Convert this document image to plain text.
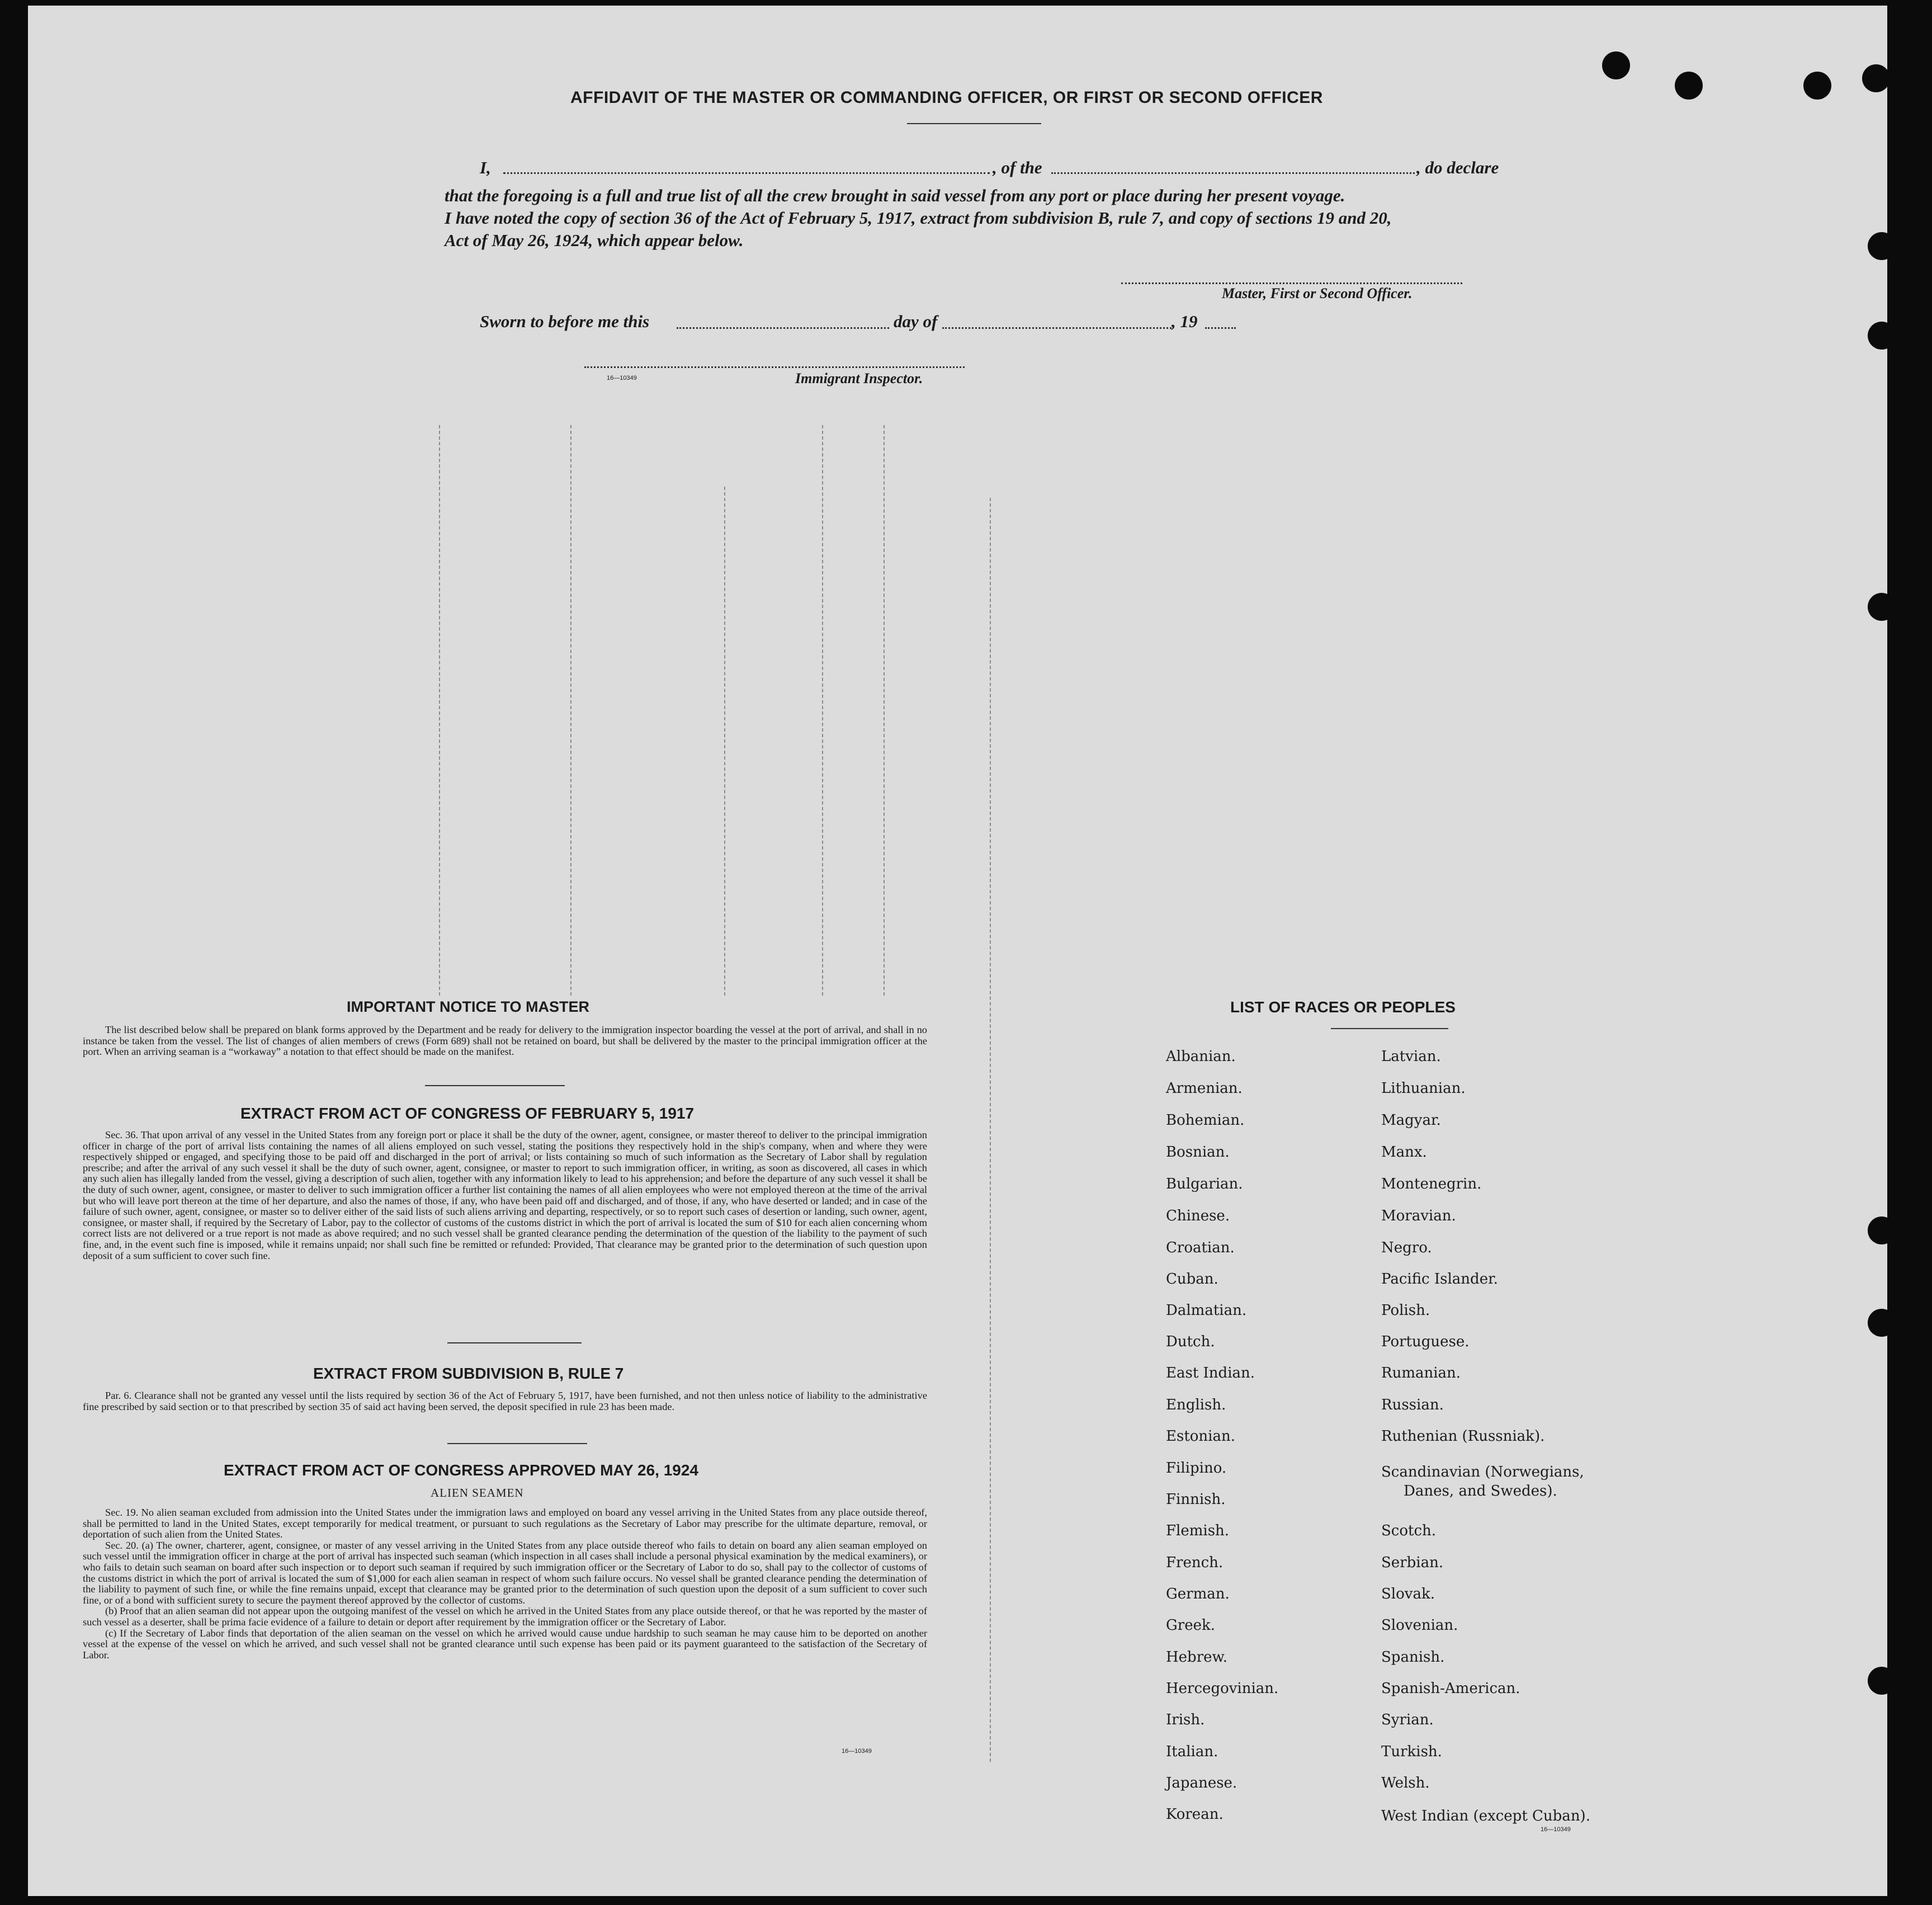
AFFIDAVIT OF THE MASTER OR COMMANDING OFFICER, OR FIRST OR SECOND OFFICER
I,	, of the	, do declare
that the foregoing is a full and true list of all the crew brought in said vessel from any port or place during her present voyage.
I have noted the copy of section 36 of the Act of February 5, 1917, extract from subdivision B, rule 7, and copy of sections 19 and 20,
Act of May 26, 1924, which appear below.
Master, First or Second Officer.
Sworn to before me this	day of	, 19
16—10349	Immigrant Inspector.
IMPORTANT NOTICE TO MASTER

The list described below shall be prepared on blank forms approved by the Department and be ready for delivery to the immigration inspector boarding the vessel at the port of arrival, and shall in no instance be taken from the vessel. The list of changes of alien members of crews (Form 689) shall not be retained on board, but shall be delivered by the master to the principal immigration officer at the port. When an arriving seaman is a “workaway” a notation to that effect should be made on the manifest.

EXTRACT FROM ACT OF CONGRESS OF FEBRUARY 5, 1917

Sec. 36. That upon arrival of any vessel in the United States from any foreign port or place it shall be the duty of the owner, agent, consignee, or master thereof to deliver to the principal immigration officer in charge of the port of arrival lists containing the names of all aliens employed on such vessel, stating the positions they respectively hold in the ship's company, when and where they were respectively shipped or engaged, and specifying those to be paid off and discharged in the port of arrival; or lists containing so much of such information as the Secretary of Labor shall by regulation prescribe; and after the arrival of any such vessel it shall be the duty of such owner, agent, consignee, or master to report to such immigration officer, in writing, as soon as discovered, all cases in which any such alien has illegally landed from the vessel, giving a description of such alien, together with any information likely to lead to his apprehension; and before the departure of any such vessel it shall be the duty of such owner, agent, consignee, or master to deliver to such immigration officer a further list containing the names of all alien employees who were not employed thereon at the time of the arrival but who will leave port thereon at the time of her departure, and also the names of those, if any, who have been paid off and discharged, and of those, if any, who have deserted or landed; and in case of the failure of such owner, agent, consignee, or master so to deliver either of the said lists of such aliens arriving and departing, respectively, or so to report such cases of desertion or landing, such owner, agent, consignee, or master shall, if required by the Secretary of Labor, pay to the collector of customs of the customs district in which the port of arrival is located the sum of $10 for each alien concerning whom correct lists are not delivered or a true report is not made as above required; and no such vessel shall be granted clearance pending the determination of the question of the liability to the payment of such fine, and, in the event such fine is imposed, while it remains unpaid; nor shall such fine be remitted or refunded: Provided, That clearance may be granted prior to the determination of such question upon deposit of a sum sufficient to cover such fine.

EXTRACT FROM SUBDIVISION B, RULE 7

Par. 6. Clearance shall not be granted any vessel until the lists required by section 36 of the Act of February 5, 1917, have been furnished, and not then unless notice of liability to the administrative fine prescribed by said section or to that prescribed by section 35 of said act having been served, the deposit specified in rule 23 has been made.

EXTRACT FROM ACT OF CONGRESS APPROVED MAY 26, 1924
ALIEN SEAMEN

Sec. 19. No alien seaman excluded from admission into the United States under the immigration laws and employed on board any vessel arriving in the United States from any place outside thereof, shall be permitted to land in the United States, except temporarily for medical treatment, or pursuant to such regulations as the Secretary of Labor may prescribe for the ultimate departure, removal, or deportation of such alien from the United States.

Sec. 20. (a) The owner, charterer, agent, consignee, or master of any vessel arriving in the United States from any place outside thereof who fails to detain on board any alien seaman employed on such vessel until the immigration officer in charge at the port of arrival has inspected such seaman (which inspection in all cases shall include a personal physical examination by the medical examiners), or who fails to detain such seaman on board after such inspection or to deport such seaman if required by such immigration officer or the Secretary of Labor to do so, shall pay to the collector of customs of the customs district in which the port of arrival is located the sum of $1,000 for each alien seaman in respect of whom such failure occurs. No vessel shall be granted clearance pending the determination of the liability to payment of such fine, or while the fine remains unpaid, except that clearance may be granted prior to the determination of such question upon the deposit of a sum sufficient to cover such fine, or of a bond with sufficient surety to secure the payment thereof approved by the collector of customs.

(b) Proof that an alien seaman did not appear upon the outgoing manifest of the vessel on which he arrived in the United States from any place outside thereof, or that he was reported by the master of such vessel as a deserter, shall be prima facie evidence of a failure to detain or deport after requirement by the immigration officer or the Secretary of Labor.

(c) If the Secretary of Labor finds that deportation of the alien seaman on the vessel on which he arrived would cause undue hardship to such seaman he may cause him to be deported on another vessel at the expense of the vessel on which he arrived, and such vessel shall not be granted clearance until such expense has been paid or its payment guaranteed to the satisfaction of the Secretary of Labor.

16—10349
LIST OF RACES OR PEOPLES
Albanian.
Armenian.
Bohemian.
Bosnian.
Bulgarian.
Chinese.
Croatian.
Cuban.
Dalmatian.
Dutch.
East Indian.
English.
Estonian.
Filipino.
Finnish.
Flemish.
French.
German.
Greek.
Hebrew.
Hercegovinian.
Irish.
Italian.
Japanese.
Korean.
Latvian.
Lithuanian.
Magyar.
Manx.
Montenegrin.
Moravian.
Negro.
Pacific Islander.
Polish.
Portuguese.
Rumanian.
Russian.
Ruthenian (Russniak).
Scandinavian (Norwegians,
Danes, and Swedes).
Scotch.
Serbian.
Slovak.
Slovenian.
Spanish.
Spanish-American.
Syrian.
Turkish.
Welsh.
West Indian (except Cuban).
16—10349
